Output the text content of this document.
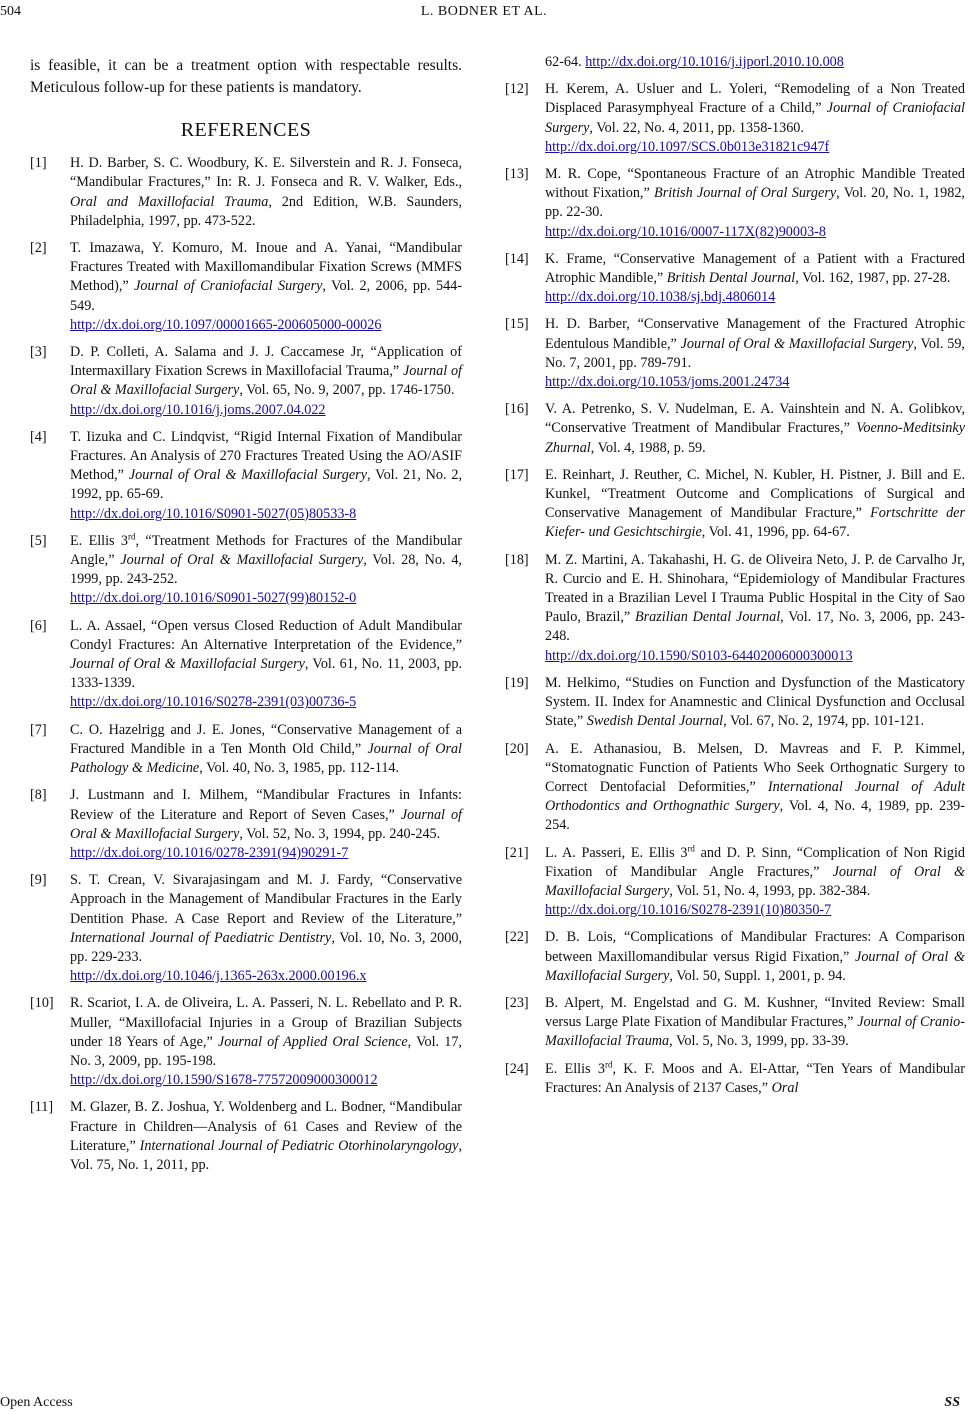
504	L. BODNER ET AL.

is feasible, it can be a treatment option with respectable results. Meticulous follow-up for these patients is mandatory.

REFERENCES
[1] H. D. Barber, S. C. Woodbury, K. E. Silverstein and R. J. Fonseca, “Mandibular Fractures,” In: R. J. Fonseca and R. V. Walker, Eds., Oral and Maxillofacial Trauma, 2nd Edition, W.B. Saunders, Philadelphia, 1997, pp. 473-522.
[2] T. Imazawa, Y. Komuro, M. Inoue and A. Yanai, “Mandibular Fractures Treated with Maxillomandibular Fixation Screws (MMFS Method),” Journal of Craniofacial Surgery, Vol. 2, 2006, pp. 544-549.
http://dx.doi.org/10.1097/00001665-200605000-00026
[3] D. P. Colleti, A. Salama and J. J. Caccamese Jr, “Application of Intermaxillary Fixation Screws in Maxillofacial Trauma,” Journal of Oral & Maxillofacial Surgery, Vol. 65, No. 9, 2007, pp. 1746-1750.
http://dx.doi.org/10.1016/j.joms.2007.04.022
[4] T. Iizuka and C. Lindqvist, “Rigid Internal Fixation of Mandibular Fractures. An Analysis of 270 Fractures Treated Using the AO/ASIF Method,” Journal of Oral & Maxillofacial Surgery, Vol. 21, No. 2, 1992, pp. 65-69.
http://dx.doi.org/10.1016/S0901-5027(05)80533-8
[5] E. Ellis 3rd, “Treatment Methods for Fractures of the Mandibular Angle,” Journal of Oral & Maxillofacial Surgery, Vol. 28, No. 4, 1999, pp. 243-252.
http://dx.doi.org/10.1016/S0901-5027(99)80152-0
[6] L. A. Assael, “Open versus Closed Reduction of Adult Mandibular Condyl Fractures: An Alternative Interpretation of the Evidence,” Journal of Oral & Maxillofacial Surgery, Vol. 61, No. 11, 2003, pp. 1333-1339.
http://dx.doi.org/10.1016/S0278-2391(03)00736-5
[7] C. O. Hazelrigg and J. E. Jones, “Conservative Management of a Fractured Mandible in a Ten Month Old Child,” Journal of Oral Pathology & Medicine, Vol. 40, No. 3, 1985, pp. 112-114.
[8] J. Lustmann and I. Milhem, “Mandibular Fractures in Infants: Review of the Literature and Report of Seven Cases,” Journal of Oral & Maxillofacial Surgery, Vol. 52, No. 3, 1994, pp. 240-245.
http://dx.doi.org/10.1016/0278-2391(94)90291-7
[9] S. T. Crean, V. Sivarajasingam and M. J. Fardy, “Conservative Approach in the Management of Mandibular Fractures in the Early Dentition Phase. A Case Report and Review of the Literature,” International Journal of Paediatric Dentistry, Vol. 10, No. 3, 2000, pp. 229-233.
http://dx.doi.org/10.1046/j.1365-263x.2000.00196.x
[10] R. Scariot, I. A. de Oliveira, L. A. Passeri, N. L. Rebellato and P. R. Muller, “Maxillofacial Injuries in a Group of Brazilian Subjects under 18 Years of Age,” Journal of Applied Oral Science, Vol. 17, No. 3, 2009, pp. 195-198.
http://dx.doi.org/10.1590/S1678-77572009000300012
[11] M. Glazer, B. Z. Joshua, Y. Woldenberg and L. Bodner, “Mandibular Fracture in Children—Analysis of 61 Cases and Review of the Literature,” International Journal of Pediatric Otorhinolaryngology, Vol. 75, No. 1, 2011, pp.
62-64. http://dx.doi.org/10.1016/j.ijporl.2010.10.008
[12] H. Kerem, A. Usluer and L. Yoleri, “Remodeling of a Non Treated Displaced Parasymphyeal Fracture of a Child,” Journal of Craniofacial Surgery, Vol. 22, No. 4, 2011, pp. 1358-1360.
http://dx.doi.org/10.1097/SCS.0b013e31821c947f
[13] M. R. Cope, “Spontaneous Fracture of an Atrophic Mandible Treated without Fixation,” British Journal of Oral Surgery, Vol. 20, No. 1, 1982, pp. 22-30.
http://dx.doi.org/10.1016/0007-117X(82)90003-8
[14] K. Frame, “Conservative Management of a Patient with a Fractured Atrophic Mandible,” British Dental Journal, Vol. 162, 1987, pp. 27-28.
http://dx.doi.org/10.1038/sj.bdj.4806014
[15] H. D. Barber, “Conservative Management of the Fractured Atrophic Edentulous Mandible,” Journal of Oral & Maxillofacial Surgery, Vol. 59, No. 7, 2001, pp. 789-791.
http://dx.doi.org/10.1053/joms.2001.24734
[16] V. A. Petrenko, S. V. Nudelman, E. A. Vainshtein and N. A. Golibkov, “Conservative Treatment of Mandibular Fractures,” Voenno-Meditsinky Zhurnal, Vol. 4, 1988, p. 59.
[17] E. Reinhart, J. Reuther, C. Michel, N. Kubler, H. Pistner, J. Bill and E. Kunkel, “Treatment Outcome and Complications of Surgical and Conservative Management of Mandibular Fracture,” Fortschritte der Kiefer- und Gesichtschirgie, Vol. 41, 1996, pp. 64-67.
[18] M. Z. Martini, A. Takahashi, H. G. de Oliveira Neto, J. P. de Carvalho Jr, R. Curcio and E. H. Shinohara, “Epidemiology of Mandibular Fractures Treated in a Brazilian Level I Trauma Public Hospital in the City of Sao Paulo, Brazil,” Brazilian Dental Journal, Vol. 17, No. 3, 2006, pp. 243-248.
http://dx.doi.org/10.1590/S0103-64402006000300013
[19] M. Helkimo, “Studies on Function and Dysfunction of the Masticatory System. II. Index for Anamnestic and Clinical Dysfunction and Occlusal State,” Swedish Dental Journal, Vol. 67, No. 2, 1974, pp. 101-121.
[20] A. E. Athanasiou, B. Melsen, D. Mavreas and F. P. Kimmel, “Stomatognatic Function of Patients Who Seek Orthognatic Surgery to Correct Dentofacial Deformities,” International Journal of Adult Orthodontics and Orthognathic Surgery, Vol. 4, No. 4, 1989, pp. 239-254.
[21] L. A. Passeri, E. Ellis 3rd and D. P. Sinn, “Complication of Non Rigid Fixation of Mandibular Angle Fractures,” Journal of Oral & Maxillofacial Surgery, Vol. 51, No. 4, 1993, pp. 382-384.
http://dx.doi.org/10.1016/S0278-2391(10)80350-7
[22] D. B. Lois, “Complications of Mandibular Fractures: A Comparison between Maxillomandibular versus Rigid Fixation,” Journal of Oral & Maxillofacial Surgery, Vol. 50, Suppl. 1, 2001, p. 94.
[23] B. Alpert, M. Engelstad and G. M. Kushner, “Invited Review: Small versus Large Plate Fixation of Mandibular Fractures,” Journal of Cranio-Maxillofacial Trauma, Vol. 5, No. 3, 1999, pp. 33-39.
[24] E. Ellis 3rd, K. F. Moos and A. El-Attar, “Ten Years of Mandibular Fractures: An Analysis of 2137 Cases,” Oral
Open Access	SS
